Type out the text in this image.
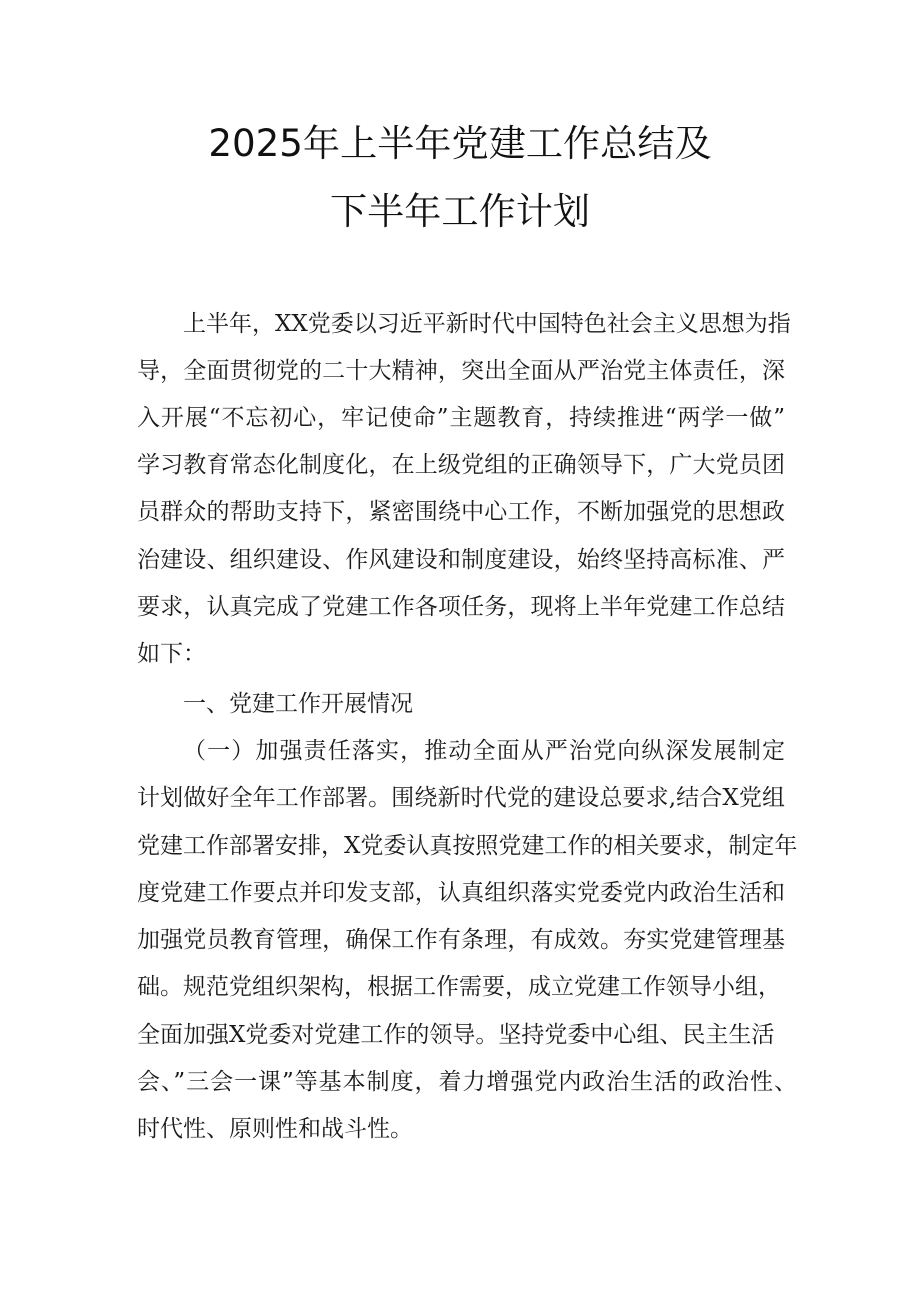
2025年上半年党建工作总结及
下半年工作计划
上半年，XX党委以习近平新时代中国特色社会主义思想为指
导，全面贯彻党的二十大精神，突出全面从严治党主体责任，深
入开展“不忘初心，牢记使命”主题教育，持续推进“两学一做”
学习教育常态化制度化，在上级党组的正确领导下，广大党员团
员群众的帮助支持下，紧密围绕中心工作，不断加强党的思想政
治建设、组织建设、作风建设和制度建设，始终坚持高标准、严
要求，认真完成了党建工作各项任务，现将上半年党建工作总结
如下：
一、党建工作开展情况
（一）加强责任落实，推动全面从严治党向纵深发展制定
计划做好全年工作部署。围绕新时代党的建设总要求,结合X党组
党建工作部署安排，X党委认真按照党建工作的相关要求，制定年
度党建工作要点并印发支部，认真组织落实党委党内政治生活和
加强党员教育管理，确保工作有条理，有成效。夯实党建管理基
础。规范党组织架构，根据工作需要，成立党建工作领导小组，
全面加强X党委对党建工作的领导。坚持党委中心组、民主生活
会、”三会一课”等基本制度，着力增强党内政治生活的政治性、
时代性、原则性和战斗性。
